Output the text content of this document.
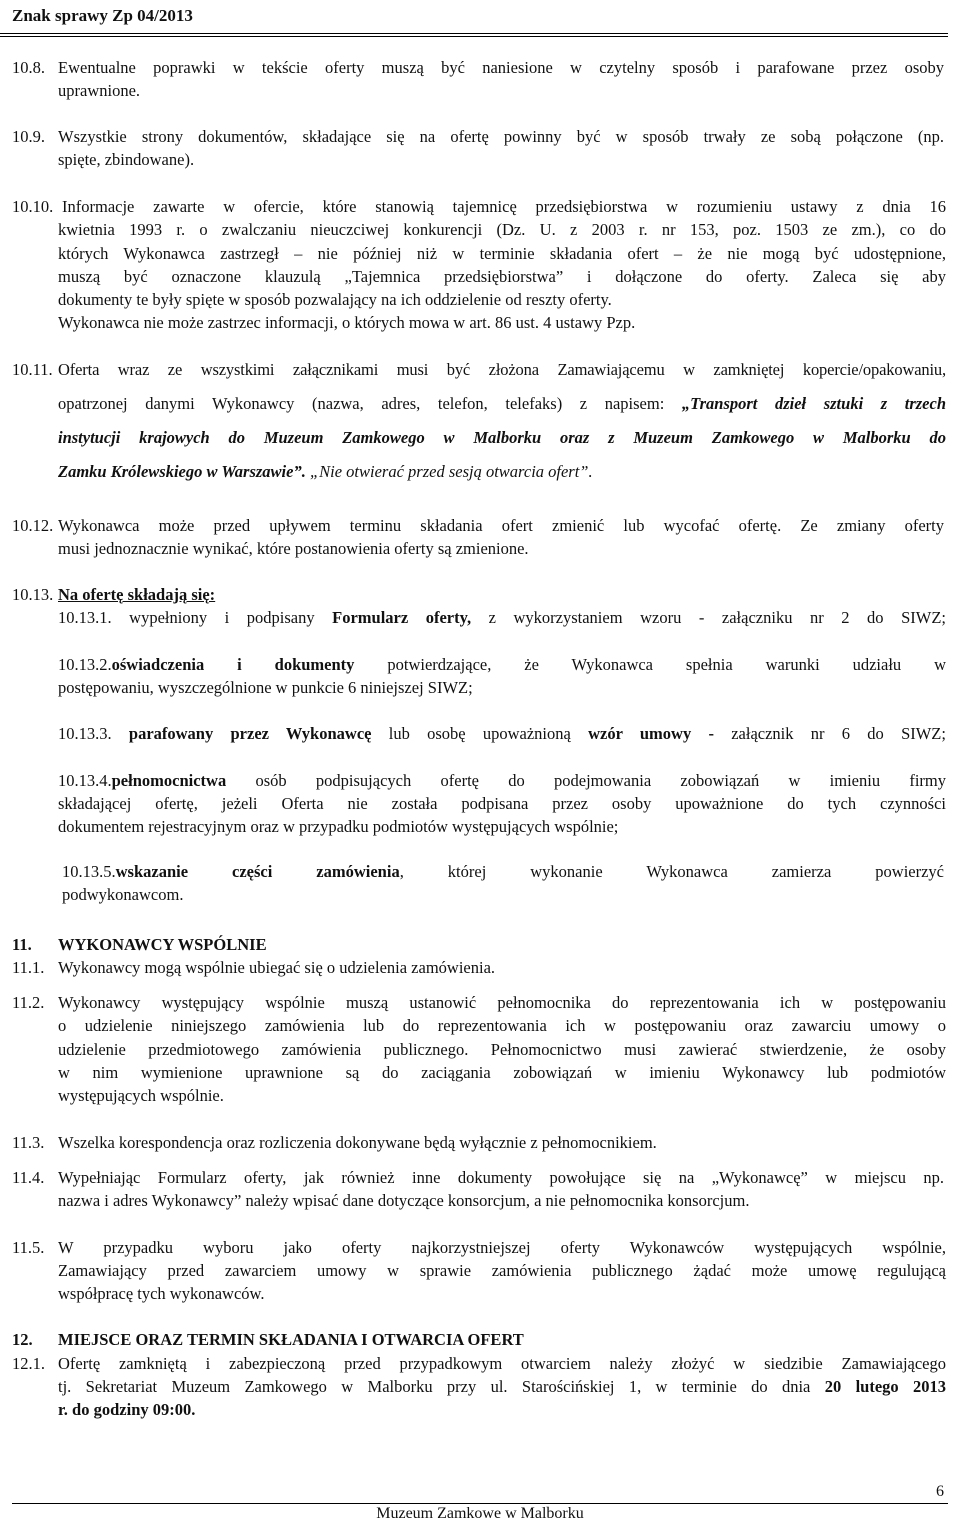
Znak sprawy Zp 04/2013
10.8. Ewentualne poprawki w tekście oferty muszą być naniesione w czytelny sposób i parafowane przez osoby
uprawnione.
10.9. Wszystkie strony dokumentów, składające się na ofertę powinny być w sposób trwały ze sobą połączone (np.
spięte, zbindowane).
10.10. Informacje zawarte w ofercie, które stanowią tajemnicę przedsiębiorstwa w rozumieniu ustawy z dnia 16
kwietnia 1993 r. o zwalczaniu nieuczciwej konkurencji (Dz. U. z 2003 r. nr 153, poz. 1503 ze zm.), co do
których Wykonawca zastrzegł – nie później niż w terminie składania ofert – że nie mogą być udostępnione,
muszą być oznaczone klauzulą „Tajemnica przedsiębiorstwa” i dołączone do oferty. Zaleca się aby
dokumenty te były spięte w sposób pozwalający na ich oddzielenie od reszty oferty.
Wykonawca nie może zastrzec informacji, o których mowa w art. 86 ust. 4 ustawy Pzp.
10.11. Oferta wraz ze wszystkimi załącznikami musi być złożona Zamawiającemu w zamkniętej kopercie/opakowaniu,
opatrzonej danymi Wykonawcy (nazwa, adres, telefon, telefaks) z napisem: „Transport dzieł sztuki z trzech
instytucji krajowych do Muzeum Zamkowego w Malborku oraz z Muzeum Zamkowego w Malborku do
Zamku Królewskiego w Warszawie”. „Nie otwierać przed sesją otwarcia ofert”.
10.12. Wykonawca może przed upływem terminu składania ofert zmienić lub wycofać ofertę. Ze zmiany oferty
musi jednoznacznie wynikać, które postanowienia oferty są zmienione.
10.13. Na ofertę składają się:
10.13.1. wypełniony i podpisany Formularz oferty, z wykorzystaniem wzoru - załączniku nr 2 do SIWZ;
10.13.2.oświadczenia i dokumenty potwierdzające, że Wykonawca spełnia warunki udziału w
postępowaniu, wyszczególnione w punkcie 6 niniejszej SIWZ;
10.13.3. parafowany przez Wykonawcę lub osobę upoważnioną wzór umowy - załącznik nr 6 do SIWZ;
10.13.4.pełnomocnictwa osób podpisujących ofertę do podejmowania zobowiązań w imieniu firmy
składającej ofertę, jeżeli Oferta nie została podpisana przez osoby upoważnione do tych czynności
dokumentem rejestracyjnym oraz w przypadku podmiotów występujących wspólnie;
10.13.5.wskazanie części zamówienia, której wykonanie Wykonawca zamierza powierzyć
podwykonawcom.
11. WYKONAWCY WSPÓLNIE
11.1. Wykonawcy mogą wspólnie ubiegać się o udzielenia zamówienia.
11.2. Wykonawcy występujący wspólnie muszą ustanowić pełnomocnika do reprezentowania ich w postępowaniu
o udzielenie niniejszego zamówienia lub do reprezentowania ich w postępowaniu oraz zawarciu umowy o
udzielenie przedmiotowego zamówienia publicznego. Pełnomocnictwo musi zawierać stwierdzenie, że osoby
w nim wymienione uprawnione są do zaciągania zobowiązań w imieniu Wykonawcy lub podmiotów
występujących wspólnie.
11.3. Wszelka korespondencja oraz rozliczenia dokonywane będą wyłącznie z pełnomocnikiem.
11.4. Wypełniając Formularz oferty, jak również inne dokumenty powołujące się na „Wykonawcę” w miejscu np.
nazwa i adres Wykonawcy” należy wpisać dane dotyczące konsorcjum, a nie pełnomocnika konsorcjum.
11.5. W przypadku wyboru jako oferty najkorzystniejszej oferty Wykonawców występujących wspólnie,
Zamawiający przed zawarciem umowy w sprawie zamówienia publicznego żądać może umowę regulującą
współpracę tych wykonawców.
12. MIEJSCE ORAZ TERMIN SKŁADANIA I OTWARCIA OFERT
12.1. Ofertę zamkniętą i zabezpieczoną przed przypadkowym otwarciem należy złożyć w siedzibie Zamawiającego
tj. Sekretariat Muzeum Zamkowego w Malborku przy ul. Starościńskiej 1, w terminie do dnia 20 lutego 2013
r. do godziny 09:00.
6
Muzeum Zamkowe w Malborku
